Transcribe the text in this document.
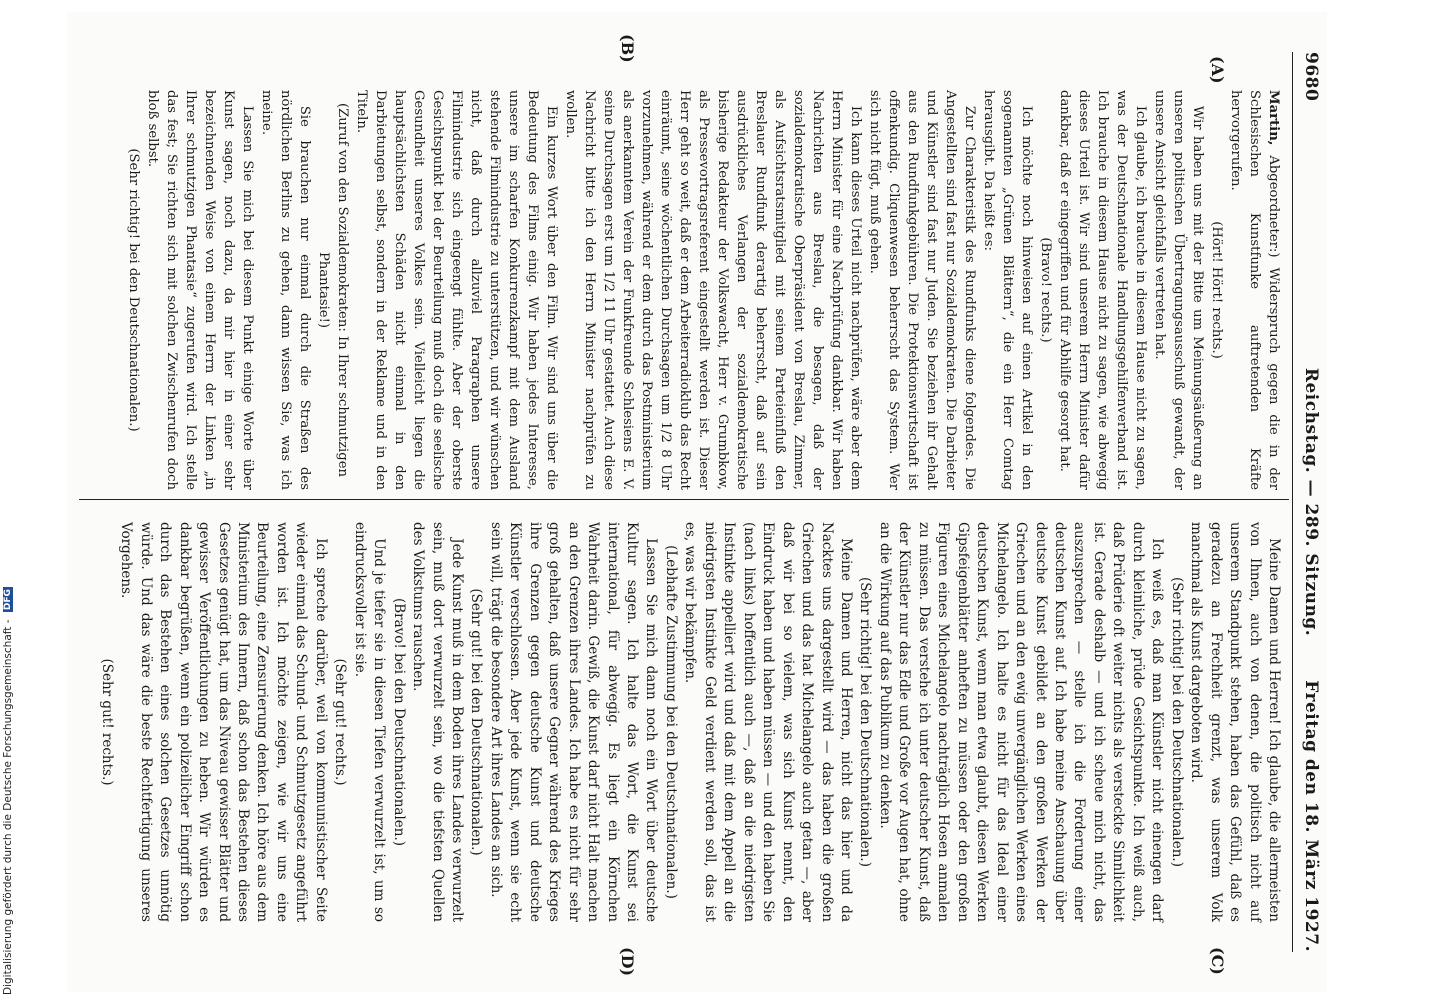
9680
Reichstag. — 289. Sitzung.
Freitag den 18. März 1927.
(A)
(B)
(C)
(D)

Martin, Abgeordneter:) Widerspruch gegen die in der Schlesischen Kunstfunke auftretenden Kräfte hervorgerufen.

(Hört! Hört! rechts.)

Wir haben uns mit der Bitte um Meinungsäußerung an unseren politischen Übertragungsausschuß gewandt, der unsere Ansicht gleichfalls vertreten hat.

Ich glaube, ich brauche in diesem Hause nicht zu sagen, was der Deutschnationale Handlungsgehilfenverband ist. Ich brauche in diesem Hause nicht zu sagen, wie abwegig dieses Urteil ist. Wir sind unserem Herrn Minister dafür dankbar, daß er eingegriffen und für Abhilfe gesorgt hat.

(Bravo! rechts.)

Ich möchte noch hinweisen auf einen Artikel in den sogenannten „Grünen Blättern“, die ein Herr Comtag herausgibt. Da heißt es:

Zur Charakteristik des Rundfunks diene folgendes. Die Angestellten sind fast nur Sozialdemokraten. Die Darbieter und Künstler sind fast nur Juden. Sie beziehen ihr Gehalt aus den Rundfunkgebühren. Die Protektionswirtschaft ist offenkundig. Cliquenwesen beherrscht das System. Wer sich nicht fügt, muß gehen.

Ich kann dieses Urteil nicht nachprüfen, wäre aber dem Herrn Minister für eine Nachprüfung dankbar. Wir haben Nachrichten aus Breslau, die besagen, daß der sozialdemokratische Oberpräsident von Breslau, Zimmer, als Aufsichtsratsmitglied mit seinem Parteieinfluß den Breslauer Rundfunk derartig beherrscht, daß auf sein ausdrückliches Verlangen der sozialdemokratische bisherige Redakteur der Volkswacht, Herr v. Grumbkow, als Pressevortragsreferent eingestellt werden ist. Dieser Herr geht so weit, daß er dem Arbeiterradioklub das Recht einräumt, seine wöchentlichen Durchsagen um 1/2 8 Uhr vorzunehmen, während er dem durch das Postministerium als anerkanntem Verein der Funkfreunde Schlesiens E. V. seine Durchsagen erst um 1/2 11 Uhr gestattet. Auch diese Nachricht bitte ich den Herrn Minister nachprüfen zu wollen.

Ein kurzes Wort über den Film. Wir sind uns über die Bedeutung des Films einig. Wir haben jedes Interesse, unsere im scharfen Konkurrenzkampf mit dem Ausland stehende Filmindustrie zu unterstützen, und wir wünschen nicht, daß durch allzuviel Paragraphen unsere Filmindustrie sich eingeengt fühlte. Aber der oberste Gesichtspunkt bei der Beurteilung muß doch die seelische Gesundheit unseres Volkes sein. Vielleicht liegen die hauptsächlichsten Schäden nicht einmal in den Darbietungen selbst, sondern in der Reklame und in den Titeln.

(Zuruf von den Sozialdemokraten: In Ihrer schmutzigen Phantasie!)

Sie brauchen nur einmal durch die Straßen des nördlichen Berlins zu gehen, dann wissen Sie, was ich meine.

Lassen Sie mich bei diesem Punkt einige Worte über Kunst sagen, noch dazu, da mir hier in einer sehr bezeichnenden Weise von einem Herrn der Linken „in Ihrer schmutzigen Phantasie“ zugerufen wird. Ich stelle das fest; Sie richten sich mit solchen Zwischenrufen doch bloß selbst.

(Sehr richtig! bei den Deutschnationalen.)

Meine Damen und Herren! Ich glaube, die allermeisten von Ihnen, auch von denen, die politisch nicht auf unserem Standpunkt stehen, haben das Gefühl, daß es geradezu an Frechheit grenzt, was unserem Volk manchmal als Kunst dargeboten wird.

(Sehr richtig! bei den Deutschnationalen.)

Ich weiß es, daß man Künstler nicht einengen darf durch kleinliche, prüde Gesichtspunkte. Ich weiß auch, daß Prüderie oft weiter nichts als versteckte Sinnlichkeit ist. Gerade deshalb — und ich scheue mich nicht, das auszusprechen — stelle ich die Forderung einer deutschen Kunst auf. Ich habe meine Anschauung über deutsche Kunst gebildet an den großen Werken der Griechen und an den ewig unvergänglichen Werken eines Michelangelo. Ich halte es nicht für das Ideal einer deutschen Kunst, wenn man etwa glaubt, diesen Werken Gipsfeigenblätter anheften zu müssen oder den großen Figuren eines Michelangelo nachträglich Hosen anmalen zu müssen. Das verstehe ich unter deutscher Kunst, daß der Künstler nur das Edle und Große vor Augen hat, ohne an die Wirkung auf das Publikum zu denken.

(Sehr richtig! bei den Deutschnationalen.)

Meine Damen und Herren, nicht das hier und da Nacktes uns dargestellt wird — das haben die großen Griechen und das hat Michelangelo auch getan —, aber daß wir bei so vielem, was sich Kunst nennt, den Eindruck haben und haben müssen — und den haben Sie (nach links) hoffentlich auch —, daß an die niedrigsten Instinkte appelliert wird und daß mit dem Appell an die niedrigsten Instinkte Geld verdient werden soll, das ist es, was wir bekämpfen.

(Lebhafte Zustimmung bei den Deutschnationalen.)

Lassen Sie mich dann noch ein Wort über deutsche Kultur sagen. Ich halte das Wort, die Kunst sei international, für abwegig. Es liegt ein Körnchen Wahrheit darin. Gewiß, die Kunst darf nicht Halt machen an den Grenzen ihres Landes. Ich habe es nicht für sehr groß gehalten, daß unsere Gegner während des Krieges ihre Grenzen gegen deutsche Kunst und deutsche Künstler verschlossen. Aber jede Kunst, wenn sie echt sein will, trägt die besondere Art ihres Landes an sich.

(Sehr gut! bei den Deutschnationalen.)

Jede Kunst muß in dem Boden ihres Landes verwurzelt sein, muß dort verwurzelt sein, wo die tiefsten Quellen des Volkstums rauschen.

(Bravo! bei den Deutschnationalen.)

Und je tiefer sie in diesen Tiefen verwurzelt ist, um so eindrucksvoller ist sie.

(Sehr gut! rechts.)

Ich spreche darüber, weil von kommunistischer Seite wieder einmal das Schund- und Schmutzgesetz angeführt worden ist. Ich möchte zeigen, wie wir uns eine Beurteilung, eine Zensurierung denken. Ich höre aus dem Ministerium des Innern, daß schon das Bestehen dieses Gesetzes genügt hat, um das Niveau gewisser Blätter und gewisser Veröffentlichungen zu heben. Wir würden es dankbar begrüßen, wenn ein polizeilicher Eingriff schon durch das Bestehen eines solchen Gesetzes unnötig würde. Und das wäre die beste Rechtfertigung unseres Vorgehens.

(Sehr gut! rechts.)

Digitalisierung gefördert durch die Deutsche Forschungsgemeinschaft - DFG
